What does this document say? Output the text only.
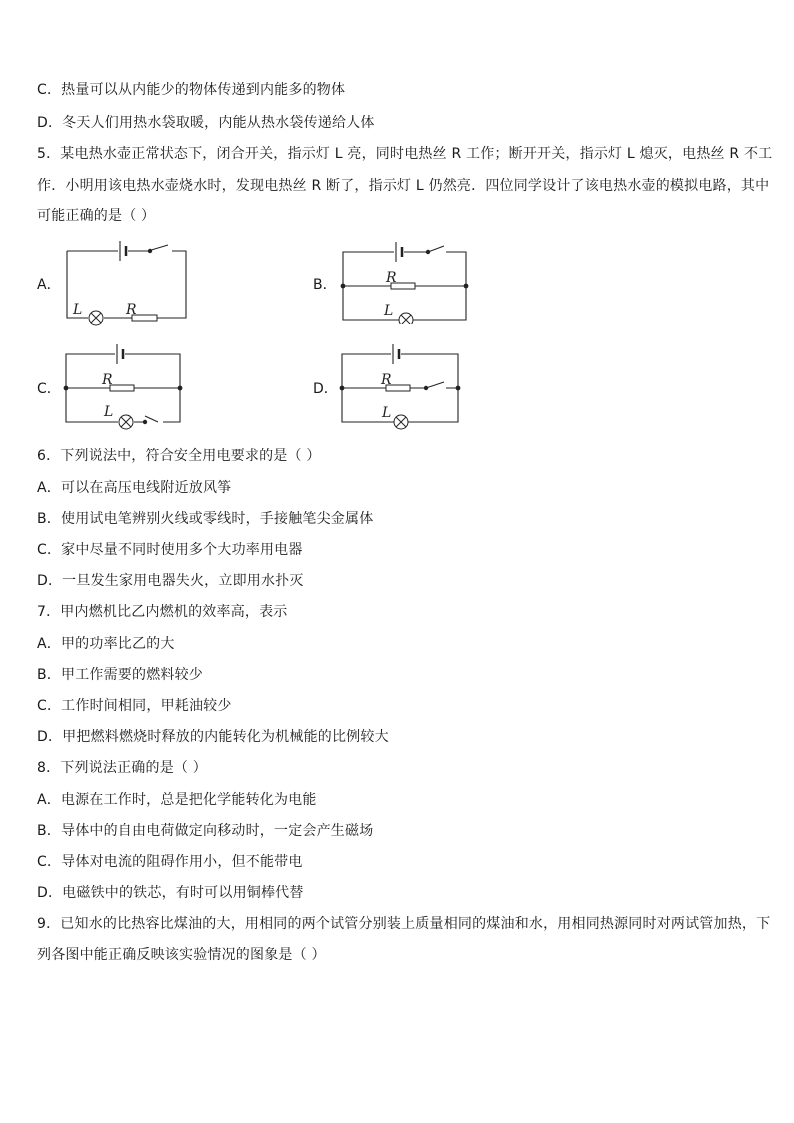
C．热量可以从内能少的物体传递到内能多的物体
D．冬天人们用热水袋取暖，内能从热水袋传递给人体
5．某电热水壶正常状态下，闭合开关，指示灯 L 亮，同时电热丝 R 工作；断开开关，指示灯 L 熄灭，电热丝 R 不工
作．小明用该电热水壶烧水时，发现电热丝 R 断了，指示灯 L 仍然亮．四位同学设计了该电热水壶的模拟电路，其中
可能正确的是（ ）
A．
L	R
B．	R
L
C．
R
L
D．
R
L
6．下列说法中，符合安全用电要求的是（ ）
A．可以在高压电线附近放风筝
B．使用试电笔辨别火线或零线时，手接触笔尖金属体
C．家中尽量不同时使用多个大功率用电器
D．一旦发生家用电器失火，立即用水扑灭
7．甲内燃机比乙内燃机的效率高，表示
A．甲的功率比乙的大
B．甲工作需要的燃料较少
C．工作时间相同，甲耗油较少
D．甲把燃料燃烧时释放的内能转化为机械能的比例较大
8．下列说法正确的是（ ）
A．电源在工作时，总是把化学能转化为电能
B．导体中的自由电荷做定向移动时，一定会产生磁场
C．导体对电流的阻碍作用小，但不能带电
D．电磁铁中的铁芯，有时可以用铜棒代替
9．已知水的比热容比煤油的大，用相同的两个试管分别装上质量相同的煤油和水，用相同热源同时对两试管加热，下
列各图中能正确反映该实验情况的图象是（ ）
